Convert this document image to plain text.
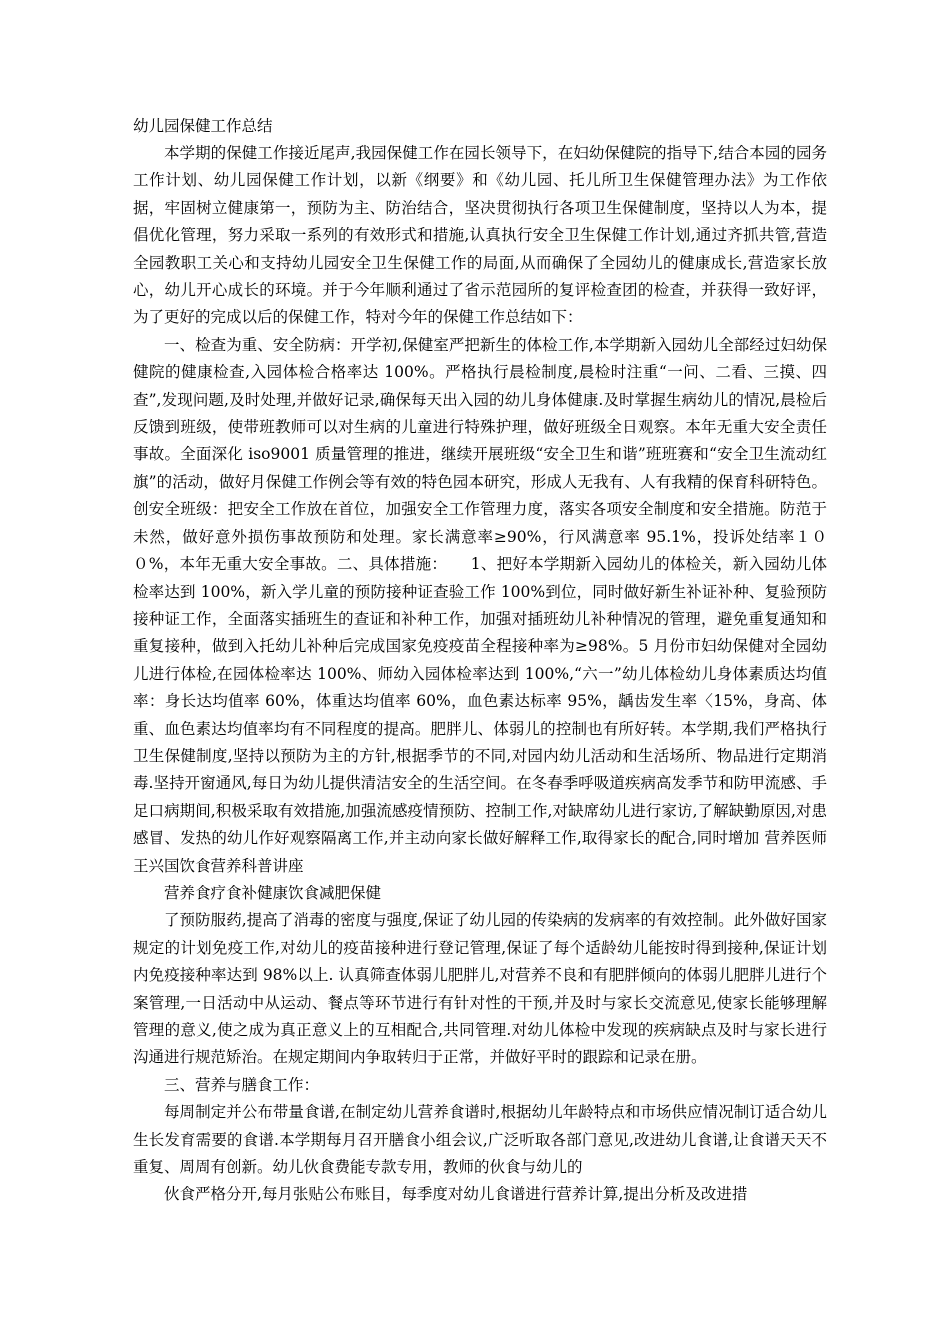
幼儿园保健工作总结

本学期的保健工作接近尾声,我园保健工作在园长领导下，在妇幼保健院的指导下,结合本园的园务工作计划、幼儿园保健工作计划，以新《纲要》和《幼儿园、托儿所卫生保健管理办法》为工作依据，牢固树立健康第一，预防为主、防治结合，坚决贯彻执行各项卫生保健制度，坚持以人为本，提倡优化管理，努力采取一系列的有效形式和措施,认真执行安全卫生保健工作计划,通过齐抓共管,营造全园教职工关心和支持幼儿园安全卫生保健工作的局面,从而确保了全园幼儿的健康成长,营造家长放心，幼儿开心成长的环境。并于今年顺利通过了省示范园所的复评检查团的检查，并获得一致好评，为了更好的完成以后的保健工作，特对今年的保健工作总结如下：

一、检查为重、安全防病：开学初,保健室严把新生的体检工作,本学期新入园幼儿全部经过妇幼保健院的健康检查,入园体检合格率达 100%。严格执行晨检制度,晨检时注重“一问、二看、三摸、四查”,发现问题,及时处理,并做好记录,确保每天出入园的幼儿身体健康.及时掌握生病幼儿的情况,晨检后反馈到班级，使带班教师可以对生病的儿童进行特殊护理，做好班级全日观察。本年无重大安全责任事故。全面深化 iso9001 质量管理的推进，继续开展班级“安全卫生和谐”班班赛和“安全卫生流动红旗”的活动，做好月保健工作例会等有效的特色园本研究，形成人无我有、人有我精的保育科研特色。创安全班级：把安全工作放在首位，加强安全工作管理力度，落实各项安全制度和安全措施。防范于未然，做好意外损伤事故预防和处理。家长满意率≥90%，行风满意率 95.1%，投诉处结率１００%，本年无重大安全事故。二、具体措施：　　1、把好本学期新入园幼儿的体检关，新入园幼儿体检率达到 100%，新入学儿童的预防接种证查验工作 100%到位，同时做好新生补证补种、复验预防接种证工作，全面落实插班生的查证和补种工作，加强对插班幼儿补种情况的管理，避免重复通知和重复接种，做到入托幼儿补种后完成国家免疫疫苗全程接种率为≥98%。5 月份市妇幼保健对全园幼儿进行体检,在园体检率达 100%、师幼入园体检率达到 100%,“六一”幼儿体检幼儿身体素质达均值率：身长达均值率 60%，体重达均值率 60%，血色素达标率 95%，龋齿发生率〈15%，身高、体重、血色素达均值率均有不同程度的提高。肥胖儿、体弱儿的控制也有所好转。本学期,我们严格执行卫生保健制度,坚持以预防为主的方针,根据季节的不同,对园内幼儿活动和生活场所、物品进行定期消毒.坚持开窗通风,每日为幼儿提供清洁安全的生活空间。在冬春季呼吸道疾病高发季节和防甲流感、手足口病期间,积极采取有效措施,加强流感疫情预防、控制工作,对缺席幼儿进行家访,了解缺勤原因,对患感冒、发热的幼儿作好观察隔离工作,并主动向家长做好解释工作,取得家长的配合,同时增加 营养医师王兴国饮食营养科普讲座

营养食疗食补健康饮食减肥保健

了预防服药,提高了消毒的密度与强度,保证了幼儿园的传染病的发病率的有效控制。此外做好国家规定的计划免疫工作,对幼儿的疫苗接种进行登记管理,保证了每个适龄幼儿能按时得到接种,保证计划内免疫接种率达到 98%以上. 认真筛查体弱儿肥胖儿,对营养不良和有肥胖倾向的体弱儿肥胖儿进行个案管理,一日活动中从运动、餐点等环节进行有针对性的干预,并及时与家长交流意见,使家长能够理解管理的意义,使之成为真正意义上的互相配合,共同管理.对幼儿体检中发现的疾病缺点及时与家长进行沟通进行规范矫治。在规定期间内争取转归于正常，并做好平时的跟踪和记录在册。

三、营养与膳食工作：

每周制定并公布带量食谱,在制定幼儿营养食谱时,根据幼儿年龄特点和市场供应情况制订适合幼儿生长发育需要的食谱.本学期每月召开膳食小组会议,广泛听取各部门意见,改进幼儿食谱,让食谱天天不重复、周周有创新。幼儿伙食费能专款专用，教师的伙食与幼儿的

伙食严格分开,每月张贴公布账目，每季度对幼儿食谱进行营养计算,提出分析及改进措
